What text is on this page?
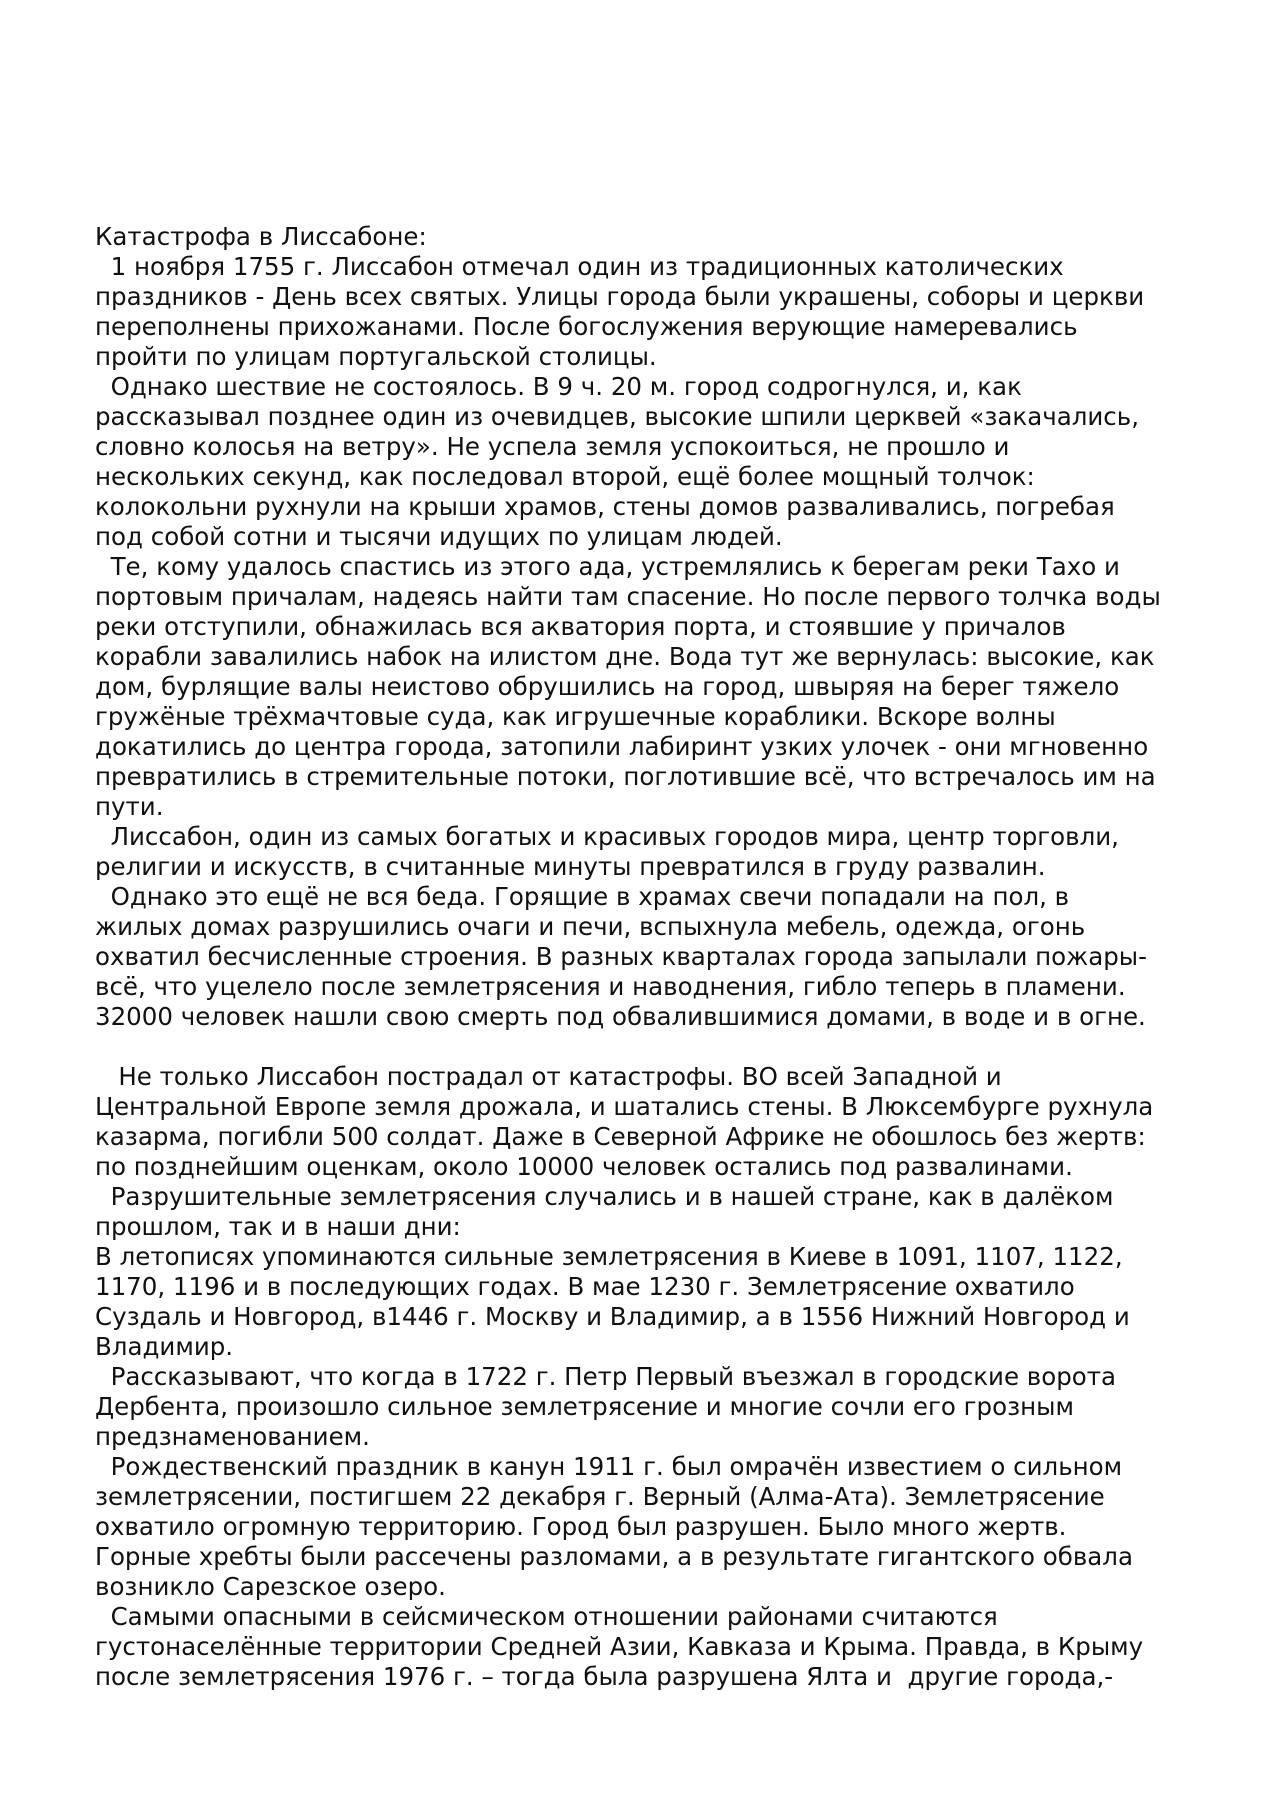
Катастрофа в Лиссабоне:
1 ноября 1755 г. Лиссабон отмечал один из традиционных католических
праздников - День всех святых. Улицы города были украшены, соборы и церкви
переполнены прихожанами. После богослужения верующие намеревались
пройти по улицам португальской столицы.
Однако шествие не состоялось. В 9 ч. 20 м. город содрогнулся, и, как
рассказывал позднее один из очевидцев, высокие шпили церквей «закачались,
словно колосья на ветру». Не успела земля успокоиться, не прошло и
нескольких секунд, как последовал второй, ещё более мощный толчок:
колокольни рухнули на крыши храмов, стены домов разваливались, погребая
под собой сотни и тысячи идущих по улицам людей.
Те, кому удалось спастись из этого ада, устремлялись к берегам реки Тахо и
портовым причалам, надеясь найти там спасение. Но после первого толчка воды
реки отступили, обнажилась вся акватория порта, и стоявшие у причалов
корабли завалились набок на илистом дне. Вода тут же вернулась: высокие, как
дом, бурлящие валы неистово обрушились на город, швыряя на берег тяжело
гружёные трёхмачтовые суда, как игрушечные кораблики. Вскоре волны
докатились до центра города, затопили лабиринт узких улочек - они мгновенно
превратились в стремительные потоки, поглотившие всё, что встречалось им на
пути.
Лиссабон, один из самых богатых и красивых городов мира, центр торговли,
религии и искусств, в считанные минуты превратился в груду развалин.
Однако это ещё не вся беда. Горящие в храмах свечи попадали на пол, в
жилых домах разрушились очаги и печи, вспыхнула мебель, одежда, огонь
охватил бесчисленные строения. В разных кварталах города запылали пожары-
всё, что уцелело после землетрясения и наводнения, гибло теперь в пламени.
32000 человек нашли свою смерть под обвалившимися домами, в воде и в огне.
Не только Лиссабон пострадал от катастрофы. ВО всей Западной и
Центральной Европе земля дрожала, и шатались стены. В Люксембурге рухнула
казарма, погибли 500 солдат. Даже в Северной Африке не обошлось без жертв:
по позднейшим оценкам, около 10000 человек остались под развалинами.
Разрушительные землетрясения случались и в нашей стране, как в далёком
прошлом, так и в наши дни:
В летописях упоминаются сильные землетрясения в Киеве в 1091, 1107, 1122,
1170, 1196 и в последующих годах. В мае 1230 г. Землетрясение охватило
Суздаль и Новгород, в1446 г. Москву и Владимир, а в 1556 Нижний Новгород и
Владимир.
Рассказывают, что когда в 1722 г. Петр Первый въезжал в городские ворота
Дербента, произошло сильное землетрясение и многие сочли его грозным
предзнаменованием.
Рождественский праздник в канун 1911 г. был омрачён известием о сильном
землетрясении, постигшем 22 декабря г. Верный (Алма-Ата). Землетрясение
охватило огромную территорию. Город был разрушен. Было много жертв.
Горные хребты были рассечены разломами, а в результате гигантского обвала
возникло Сарезское озеро.
Самыми опасными в сейсмическом отношении районами считаются
густонаселённые территории Средней Азии, Кавказа и Крыма. Правда, в Крыму
после землетрясения 1976 г. – тогда была разрушена Ялта и  другие города,-
